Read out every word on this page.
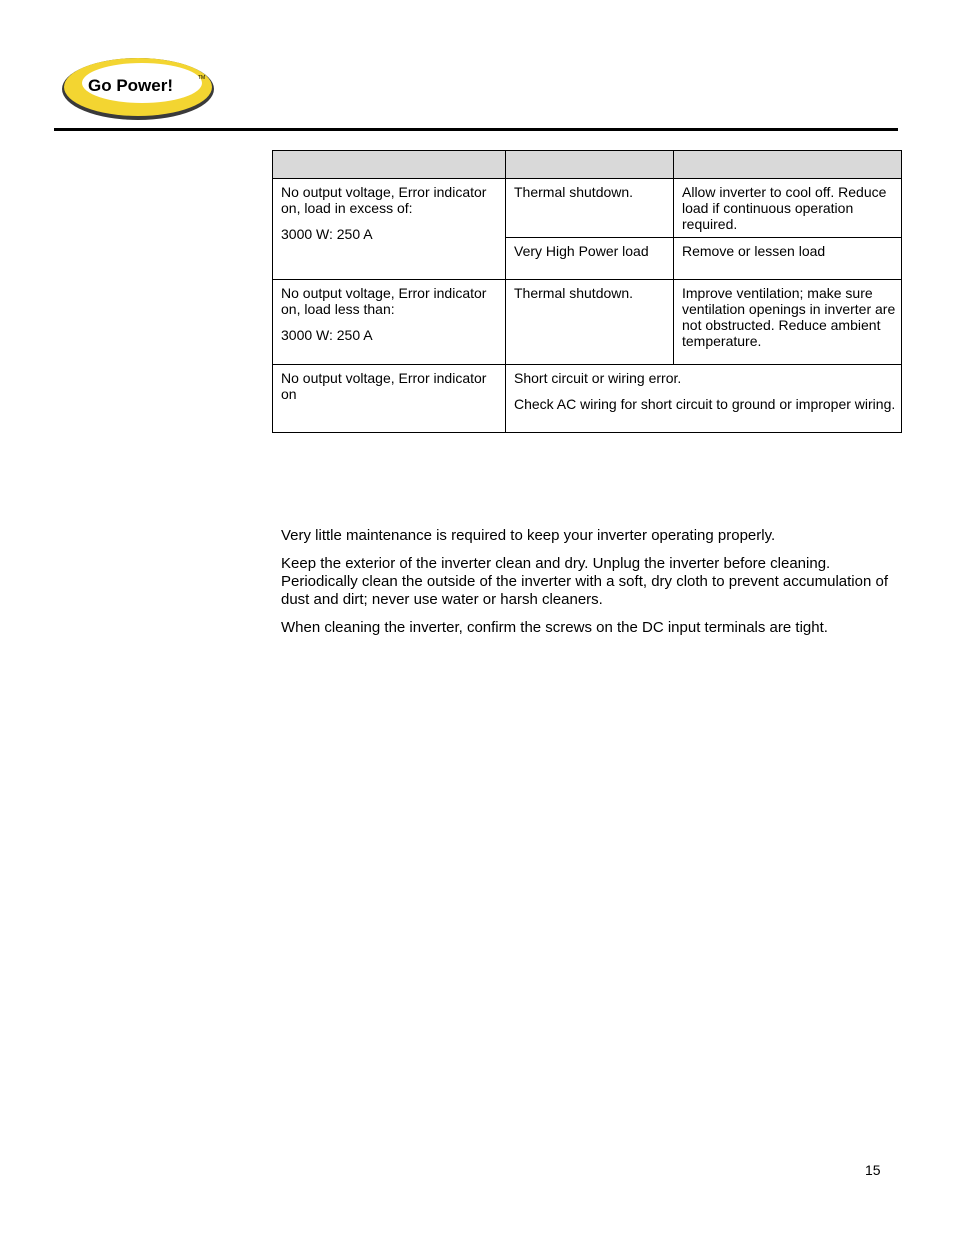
Go Power!	TM

No output voltage, Error indicator on, load in excess of:

3000 W: 250 A	Thermal shutdown.	Allow inverter to cool off. Reduce load if continuous operation required.
	Very High Power load	Remove or lessen load

No output voltage, Error indicator on, load less than:

3000 W: 250 A	Thermal shutdown.	Improve ventilation; make sure ventilation openings in inverter are not obstructed. Reduce ambient temperature.
No output voltage, Error indicator on	Short circuit or wiring error.

Check AC wiring for short circuit to ground or improper wiring.	

Very little maintenance is required to keep your inverter operating properly.

Keep the exterior of the inverter clean and dry. Unplug the inverter before cleaning. Periodically clean the outside of the inverter with a soft, dry cloth to prevent accumulation of dust and dirt; never use water or harsh cleaners.

When cleaning the inverter, confirm the screws on the DC input terminals are tight.

15
